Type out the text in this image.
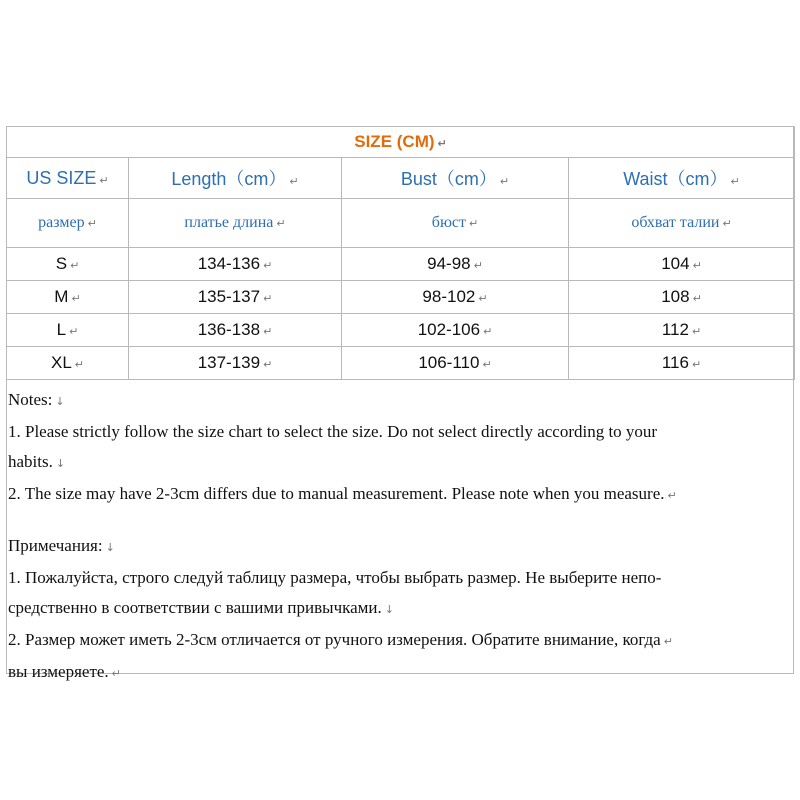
SIZE (CM) ↵			
US SIZE ↵	Length（cm） ↵	Bust（cm） ↵	Waist（cm） ↵
размер ↵	платье длина ↵	бюст ↵	обхват талии ↵
S ↵	134-136 ↵	94-98 ↵	104 ↵
M ↵	135-137 ↵	98-102 ↵	108 ↵
L ↵	136-138 ↵	102-106 ↵	112 ↵
XL ↵	137-139 ↵	106-110 ↵	116 ↵
Notes: ↓
1. Please strictly follow the size chart to select the size. Do not select directly according to your
habits. ↓
2. The size may have 2-3cm differs due to manual measurement. Please note when you measure. ↵
Примечания: ↓
1. Пожалуйста, строго следуй таблицу размера, чтобы выбрать размер. Не выберите непо-
средственно в соответствии с вашими привычками. ↓
2. Размер может иметь 2-3см отличается от ручного измерения. Обратите внимание, когда ↵
вы измеряете. ↵
